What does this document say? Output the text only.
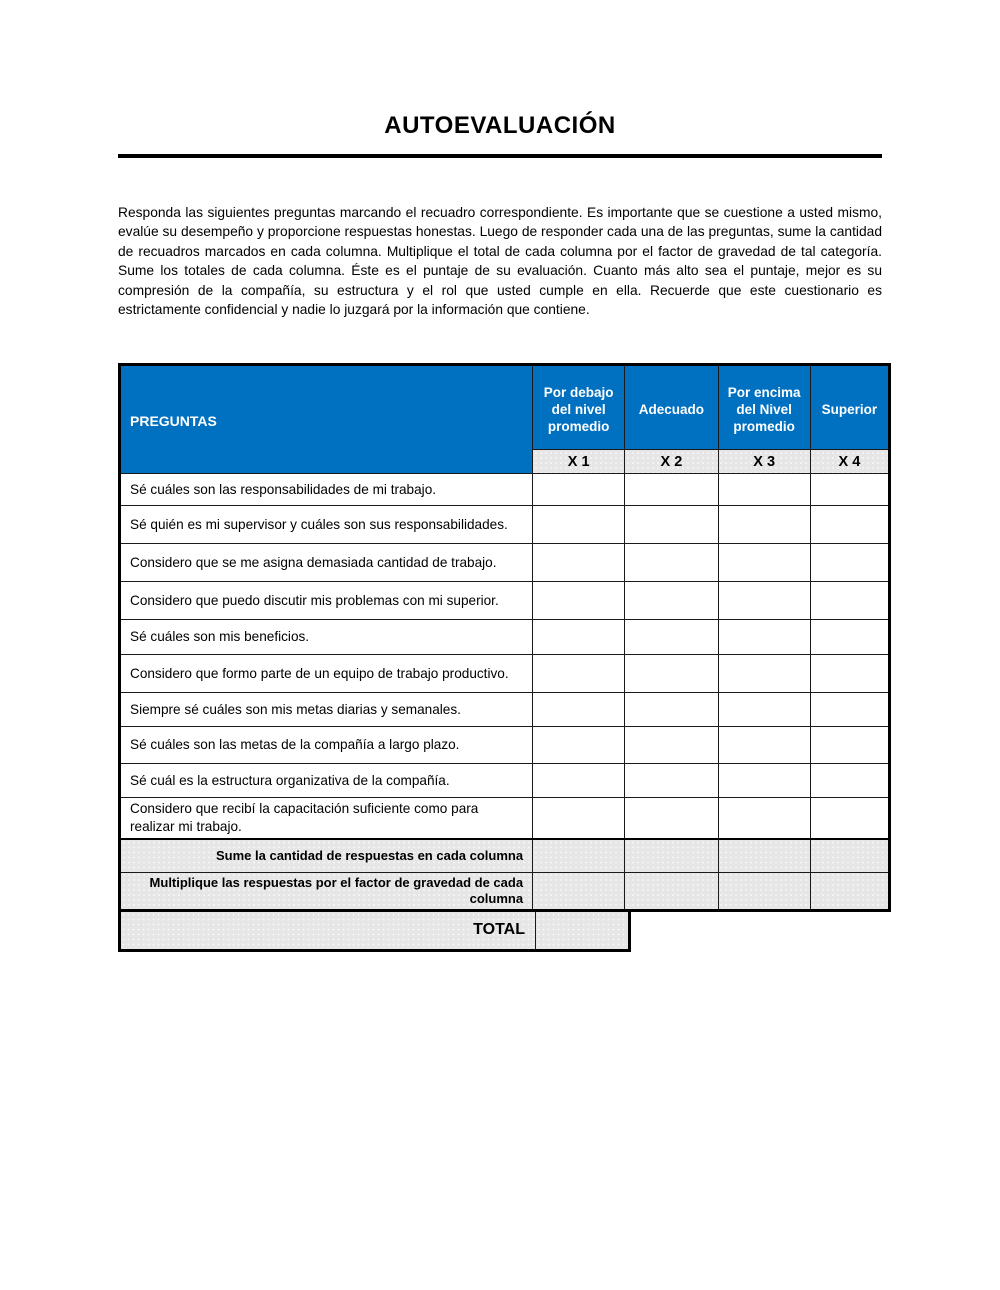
AUTOEVALUACIÓN

Responda las siguientes preguntas marcando el recuadro correspondiente. Es importante que se cuestione a usted mismo, evalúe su desempeño y proporcione respuestas honestas. Luego de responder cada una de las preguntas, sume la cantidad de recuadros marcados en cada columna. Multiplique el total de cada columna por el factor de gravedad de tal categoría. Sume los totales de cada columna. Éste es el puntaje de su evaluación. Cuanto más alto sea el puntaje, mejor es su compresión de la compañía, su estructura y el rol que usted cumple en ella. Recuerde que este cuestionario es estrictamente confidencial y nadie lo juzgará por la información que contiene.

PREGUNTAS	Por debajo del nivel promedio	Adecuado	Por encima del Nivel promedio	Superior
	X 1	X 2	X 3	X 4
Sé cuáles son las responsabilidades de mi trabajo.				
Sé quién es mi supervisor y cuáles son sus responsabilidades.				
Considero que se me asigna demasiada cantidad de trabajo.				
Considero que puedo discutir mis problemas con mi superior.				
Sé cuáles son mis beneficios.				
Considero que formo parte de un equipo de trabajo productivo.				
Siempre sé cuáles son mis metas diarias y semanales.				
Sé cuáles son las metas de la compañía a largo plazo.				
Sé cuál es la estructura organizativa de la compañía.				
Considero que recibí la capacitación suficiente como para realizar mi trabajo.				
Sume la cantidad de respuestas en cada columna				
Multiplique las respuestas por el factor de gravedad de cada columna				
TOTAL
